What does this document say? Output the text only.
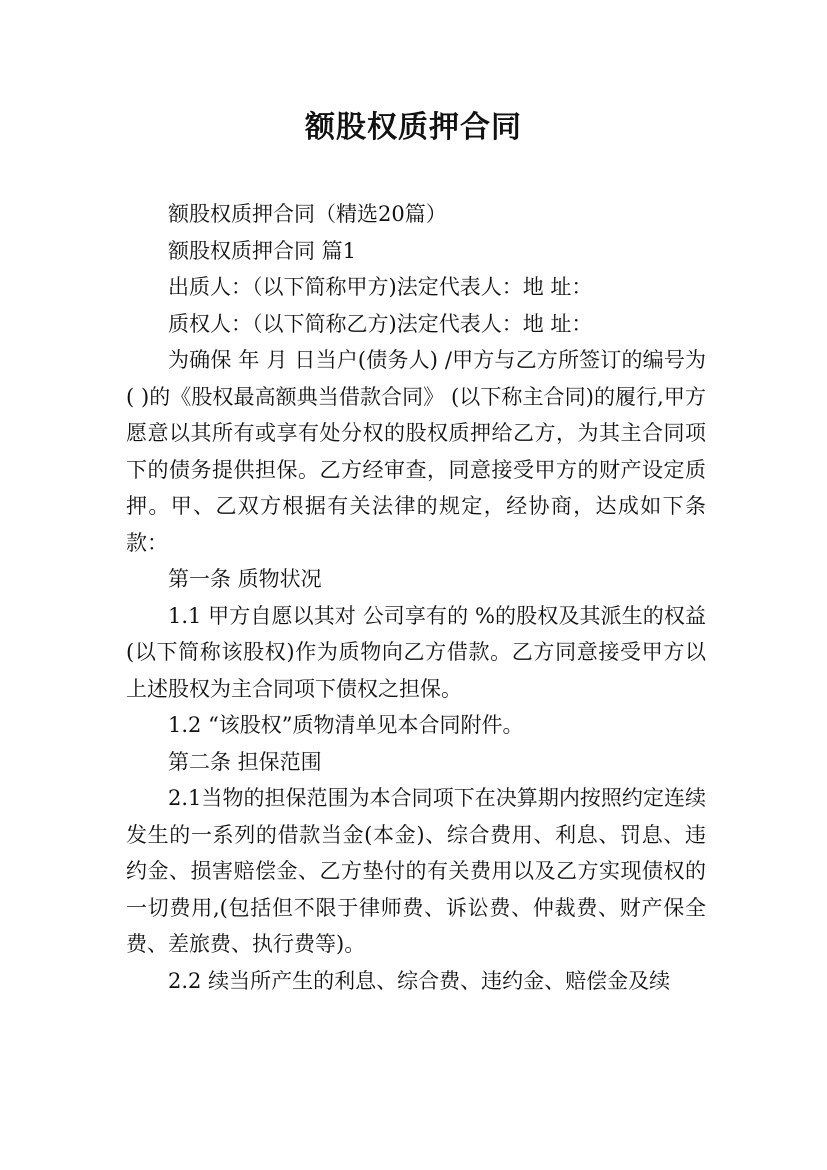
额股权质押合同

额股权质押合同（精选20篇）

额股权质押合同 篇1

出质人：（以下简称甲方)法定代表人：地 址：

质权人：（以下简称乙方)法定代表人：地 址：

为确保 年 月 日当户(债务人) /甲方与乙方所签订的编号为( )的《股权最高额典当借款合同》 (以下称主合同)的履行,甲方愿意以其所有或享有处分权的股权质押给乙方，为其主合同项下的债务提供担保。乙方经审查，同意接受甲方的财产设定质押。甲、乙双方根据有关法律的规定，经协商，达成如下条款：

第一条 质物状况

1.1 甲方自愿以其对 公司享有的 %的股权及其派生的权益(以下简称该股权)作为质物向乙方借款。乙方同意接受甲方以上述股权为主合同项下债权之担保。

1.2 “该股权”质物清单见本合同附件。

第二条 担保范围

2.1当物的担保范围为本合同项下在决算期内按照约定连续发生的一系列的借款当金(本金)、综合费用、利息、罚息、违约金、损害赔偿金、乙方垫付的有关费用以及乙方实现债权的一切费用,(包括但不限于律师费、诉讼费、仲裁费、财产保全费、差旅费、执行费等)。

2.2 续当所产生的利息、综合费、违约金、赔偿金及续
